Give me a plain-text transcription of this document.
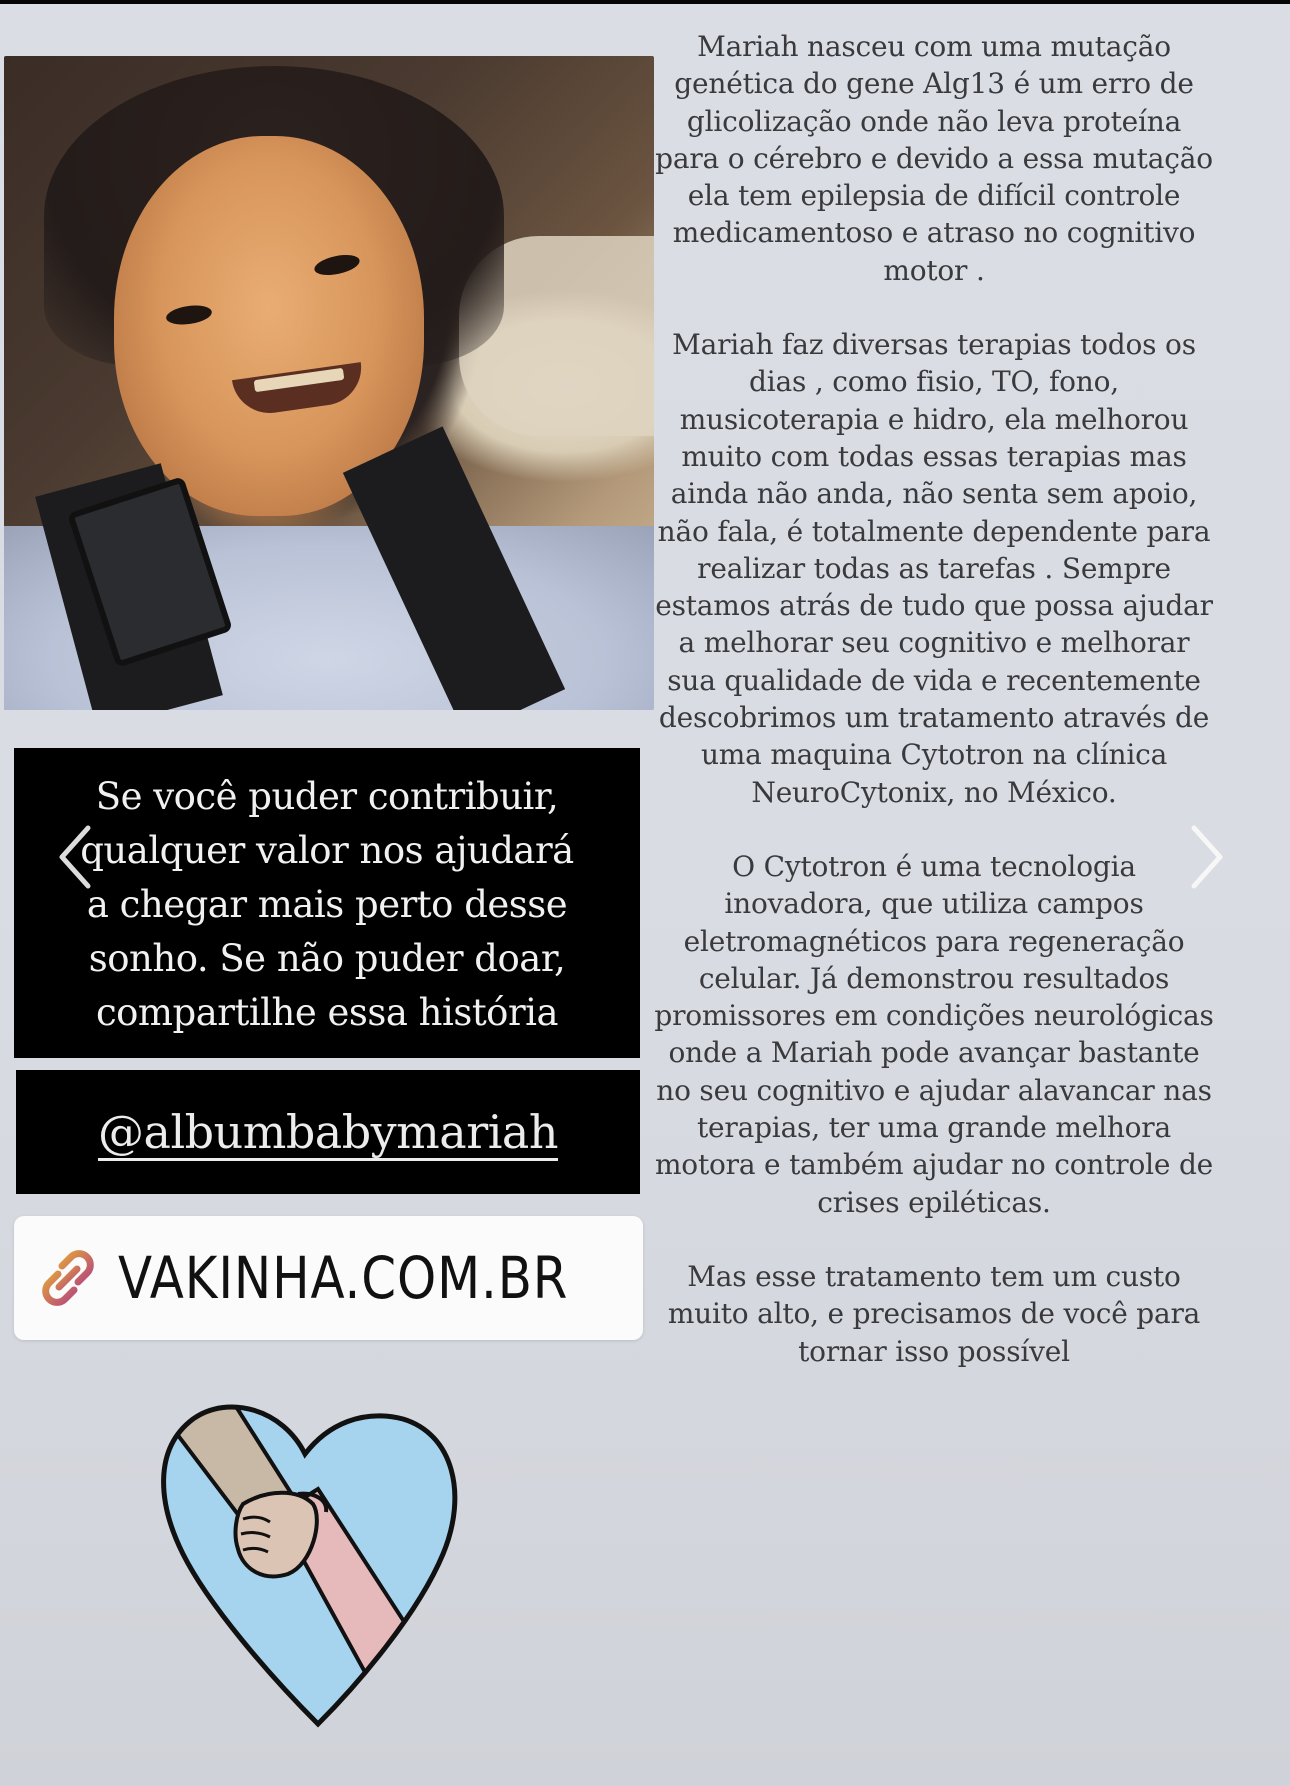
Mariah nasceu com uma mutação genética do gene Alg13 é um erro de glicolização onde não leva proteína para o cérebro e devido a essa mutação ela tem epilepsia de difícil controle medicamentoso e atraso no cognitivo motor .

Mariah faz diversas terapias todos os dias , como fisio, TO, fono, musicoterapia e hidro, ela melhorou muito com todas essas terapias mas ainda não anda, não senta sem apoio, não fala, é totalmente dependente para realizar todas as tarefas . Sempre estamos atrás de tudo que possa ajudar a melhorar seu cognitivo e melhorar sua qualidade de vida e recentemente descobrimos um tratamento através de uma maquina Cytotron na clínica NeuroCytonix, no México.

O Cytotron é uma tecnologia inovadora, que utiliza campos eletromagnéticos para regeneração celular. Já demonstrou resultados promissores em condições neurológicas onde a Mariah pode avançar bastante no seu cognitivo e ajudar alavancar nas terapias, ter uma grande melhora motora e também ajudar no controle de crises epiléticas.

Mas esse tratamento tem um custo muito alto, e precisamos de você para tornar isso possível

Se você puder contribuir, qualquer valor nos ajudará a chegar mais perto desse sonho. Se não puder doar, compartilhe essa história
@albumbabymariah
VAKINHA.COM.BR
